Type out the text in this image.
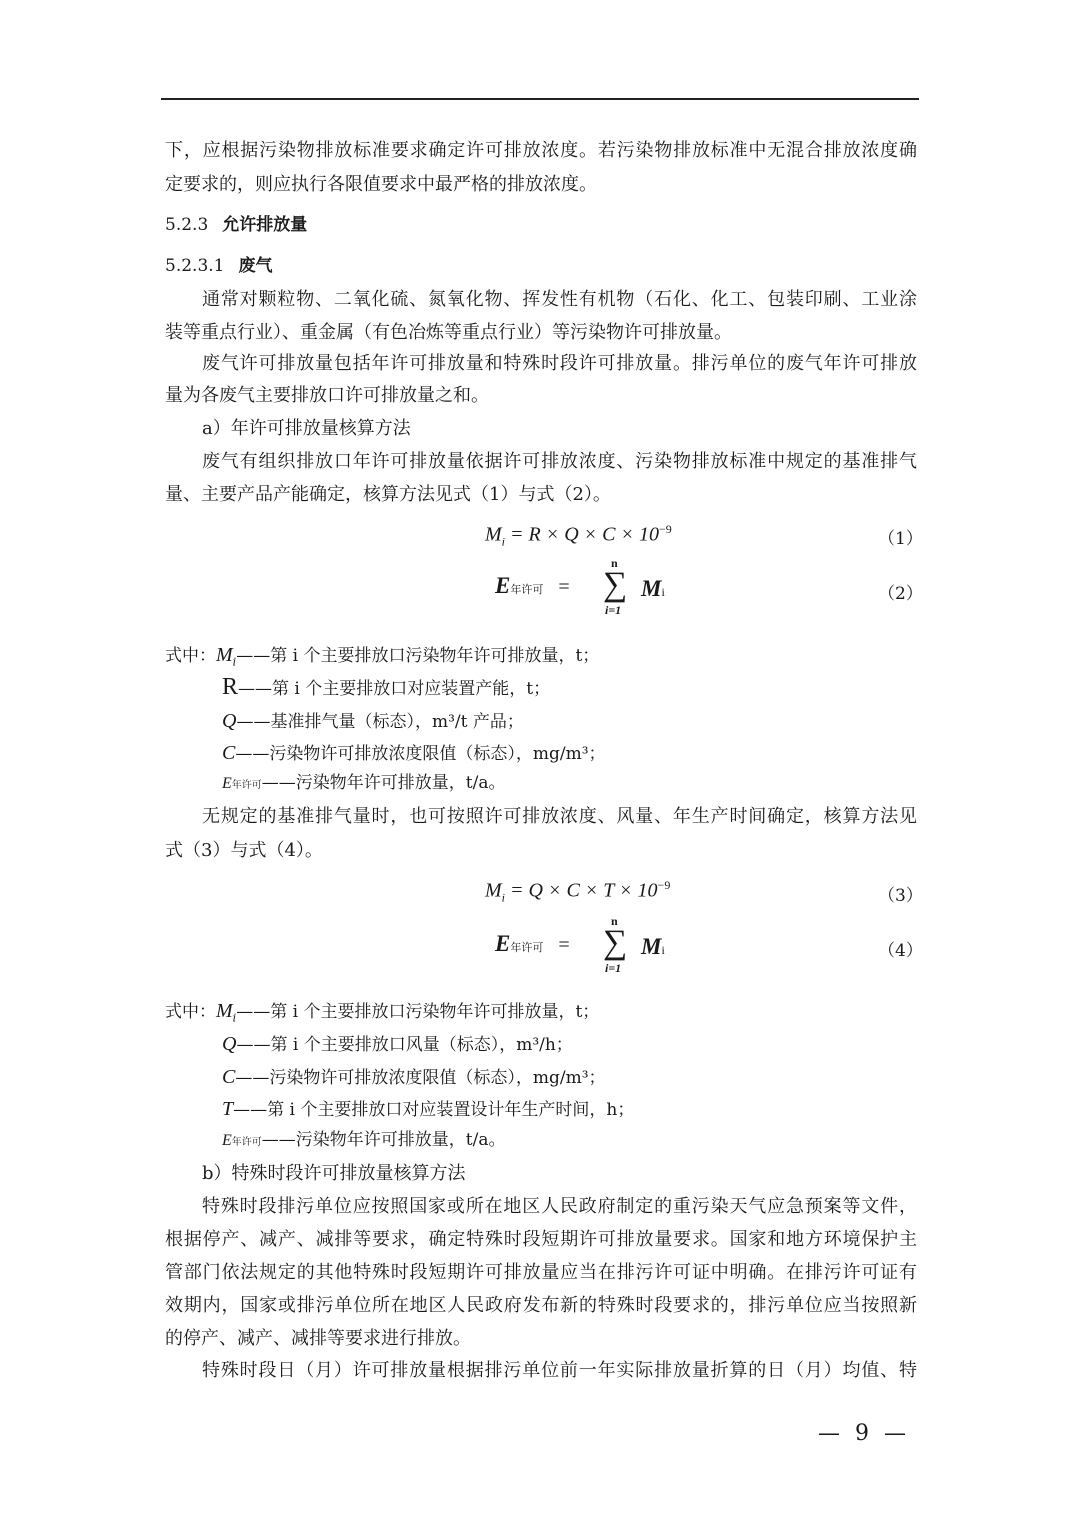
下，应根据污染物排放标准要求确定许可排放浓度。若污染物排放标准中无混合排放浓度确
定要求的，则应执行各限值要求中最严格的排放浓度。
5.2.3 允许排放量
5.2.3.1 废气
通常对颗粒物、二氧化硫、氮氧化物、挥发性有机物（石化、化工、包装印刷、工业涂
装等重点行业）、重金属（有色冶炼等重点行业）等污染物许可排放量。
废气许可排放量包括年许可排放量和特殊时段许可排放量。排污单位的废气年许可排放
量为各废气主要排放口许可排放量之和。
a）年许可排放量核算方法
废气有组织排放口年许可排放量依据许可排放浓度、污染物排放标准中规定的基准排气
量、主要产品产能确定，核算方法见式（1）与式（2）。
$M_i = R \times Q \times C \times 10^{-9}$	（1）
E年许可 =
n
∑
i=1
Mi	（2）
式中：$M_i——$第 i 个主要排放口污染物年许可排放量，t；
R——第 i 个主要排放口对应装置产能，t；
Q——基准排气量（标态），m³/t 产品；
C——污染物许可排放浓度限值（标态），mg/m³；
E年许可——污染物年许可排放量，t/a。
无规定的基准排气量时，也可按照许可排放浓度、风量、年生产时间确定，核算方法见
式（3）与式（4）。
$M_i = Q \times C \times T \times 10^{-9}$
（3）
E年许可 =
n
∑
i=1
Mi	（4）
式中：$M_i——$第 i 个主要排放口污染物年许可排放量，t；
Q——第 i 个主要排放口风量（标态），m³/h；
C——污染物许可排放浓度限值（标态），mg/m³；
T——第 i 个主要排放口对应装置设计年生产时间，h；
E年许可——污染物年许可排放量，t/a。
b）特殊时段许可排放量核算方法
特殊时段排污单位应按照国家或所在地区人民政府制定的重污染天气应急预案等文件，
根据停产、减产、减排等要求，确定特殊时段短期许可排放量要求。国家和地方环境保护主
管部门依法规定的其他特殊时段短期许可排放量应当在排污许可证中明确。在排污许可证有
效期内，国家或排污单位所在地区人民政府发布新的特殊时段要求的，排污单位应当按照新
的停产、减产、减排等要求进行排放。
特殊时段日（月）许可排放量根据排污单位前一年实际排放量折算的日（月）均值、特
— 9 —
